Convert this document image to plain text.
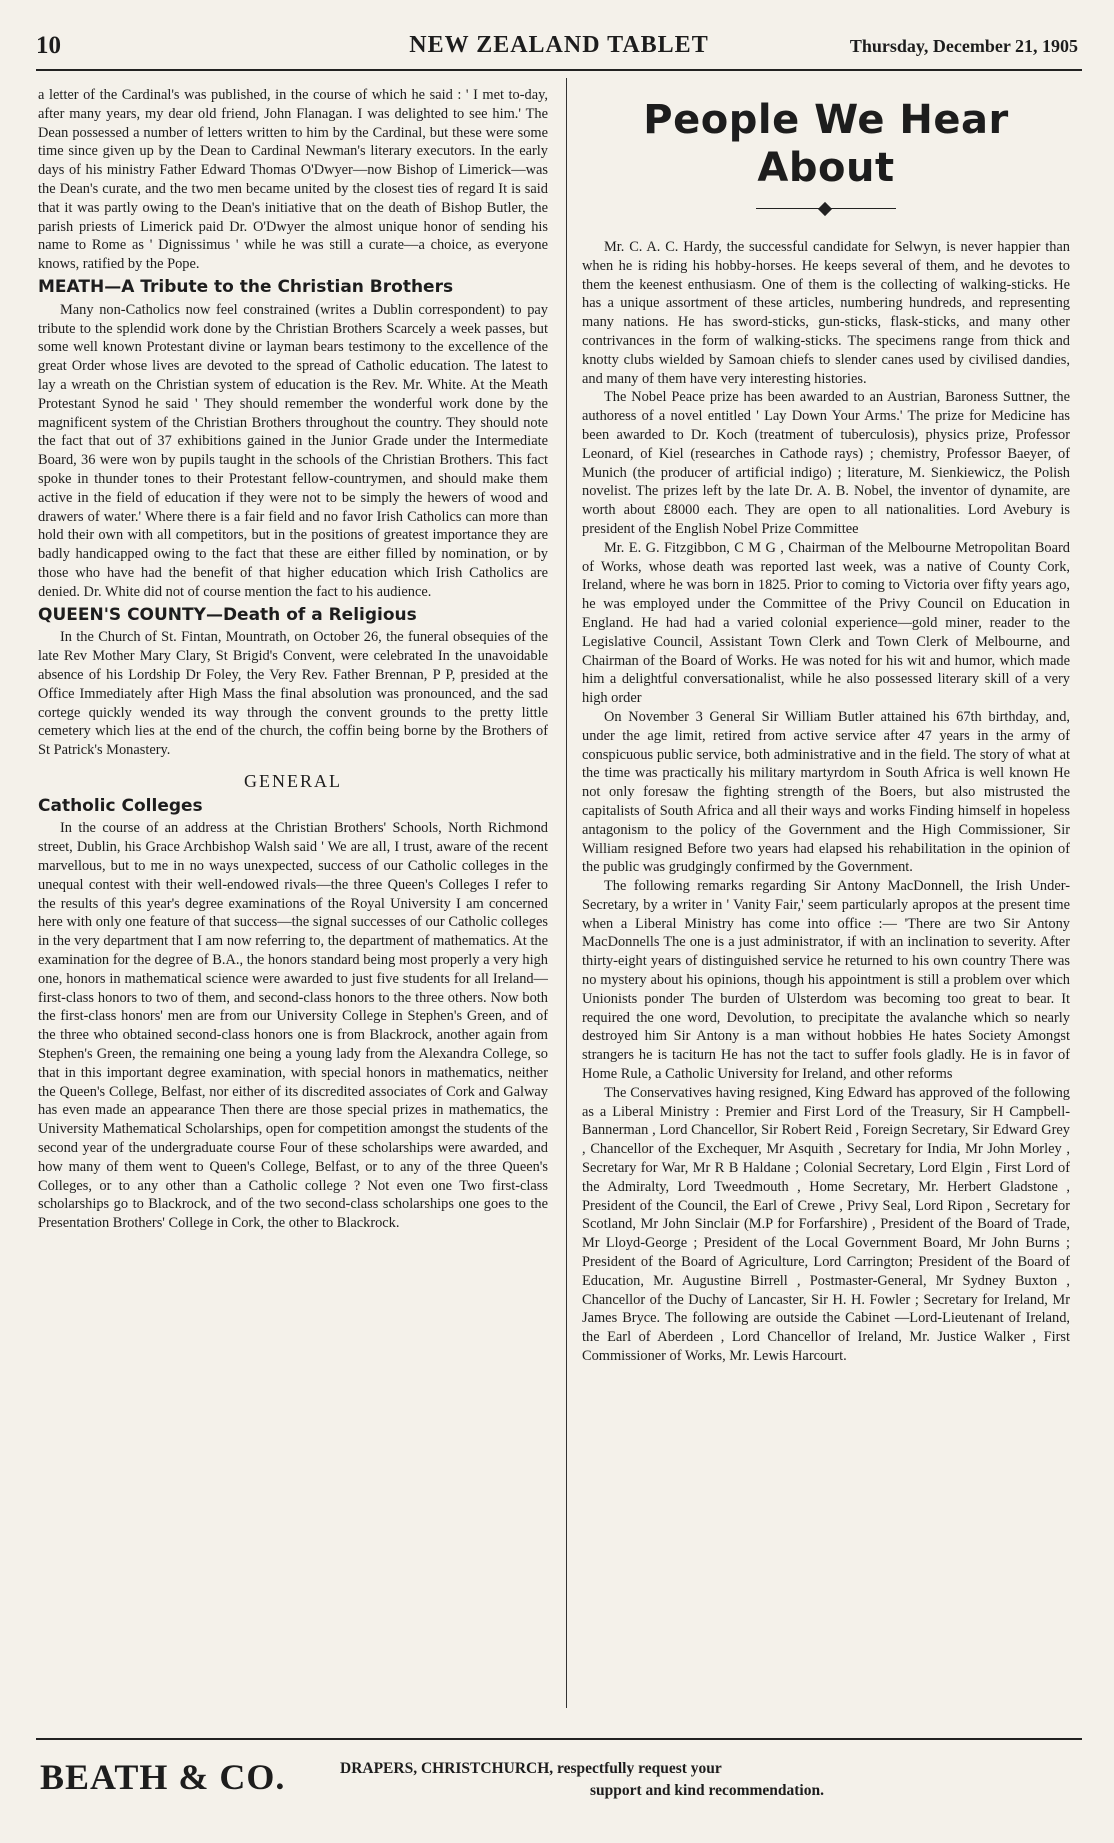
10	NEW ZEALAND TABLET	Thursday, December 21, 1905

a letter of the Cardinal's was published, in the course of which he said : ' I met to-day, after many years, my dear old friend, John Flanagan. I was delighted to see him.' The Dean possessed a number of letters written to him by the Cardinal, but these were some time since given up by the Dean to Cardinal Newman's literary executors. In the early days of his ministry Father Edward Thomas O'Dwyer—now Bishop of Limerick—was the Dean's curate, and the two men became united by the closest ties of regard It is said that it was partly owing to the Dean's initiative that on the death of Bishop Butler, the parish priests of Limerick paid Dr. O'Dwyer the almost unique honor of sending his name to Rome as ' Dignissimus ' while he was still a curate—a choice, as everyone knows, ratified by the Pope.

MEATH—A Tribute to the Christian Brothers

Many non-Catholics now feel constrained (writes a Dublin correspondent) to pay tribute to the splendid work done by the Christian Brothers Scarcely a week passes, but some well known Protestant divine or layman bears testimony to the excellence of the great Order whose lives are devoted to the spread of Catholic education. The latest to lay a wreath on the Christian system of education is the Rev. Mr. White. At the Meath Protestant Synod he said ' They should remember the wonderful work done by the magnificent system of the Christian Brothers throughout the country. They should note the fact that out of 37 exhibitions gained in the Junior Grade under the Intermediate Board, 36 were won by pupils taught in the schools of the Christian Brothers. This fact spoke in thunder tones to their Protestant fellow-countrymen, and should make them active in the field of education if they were not to be simply the hewers of wood and drawers of water.' Where there is a fair field and no favor Irish Catholics can more than hold their own with all competitors, but in the positions of greatest importance they are badly handicapped owing to the fact that these are either filled by nomination, or by those who have had the benefit of that higher education which Irish Catholics are denied. Dr. White did not of course mention the fact to his audience.

QUEEN'S COUNTY—Death of a Religious

In the Church of St. Fintan, Mountrath, on October 26, the funeral obsequies of the late Rev Mother Mary Clary, St Brigid's Convent, were celebrated In the unavoidable absence of his Lordship Dr Foley, the Very Rev. Father Brennan, P P, presided at the Office Immediately after High Mass the final absolution was pronounced, and the sad cortege quickly wended its way through the convent grounds to the pretty little cemetery which lies at the end of the church, the coffin being borne by the Brothers of St Patrick's Monastery.

GENERAL
Catholic Colleges

In the course of an address at the Christian Brothers' Schools, North Richmond street, Dublin, his Grace Archbishop Walsh said ' We are all, I trust, aware of the recent marvellous, but to me in no ways unexpected, success of our Catholic colleges in the unequal contest with their well-endowed rivals—the three Queen's Colleges I refer to the results of this year's degree examinations of the Royal University I am concerned here with only one feature of that success—the signal successes of our Catholic colleges in the very department that I am now referring to, the department of mathematics. At the examination for the degree of B.A., the honors standard being most properly a very high one, honors in mathematical science were awarded to just five students for all Ireland—first-class honors to two of them, and second-class honors to the three others. Now both the first-class honors' men are from our University College in Stephen's Green, and of the three who obtained second-class honors one is from Blackrock, another again from Stephen's Green, the remaining one being a young lady from the Alexandra College, so that in this important degree examination, with special honors in mathematics, neither the Queen's College, Belfast, nor either of its discredited associates of Cork and Galway has even made an appearance Then there are those special prizes in mathematics, the University Mathematical Scholarships, open for competition amongst the students of the second year of the undergraduate course Four of these scholarships were awarded, and how many of them went to Queen's College, Belfast, or to any of the three Queen's Colleges, or to any other than a Catholic college ? Not even one Two first-class scholarships go to Blackrock, and of the two second-class scholarships one goes to the Presentation Brothers' College in Cork, the other to Blackrock.

People We Hear About

Mr. C. A. C. Hardy, the successful candidate for Selwyn, is never happier than when he is riding his hobby-horses. He keeps several of them, and he devotes to them the keenest enthusiasm. One of them is the collecting of walking-sticks. He has a unique assortment of these articles, numbering hundreds, and representing many nations. He has sword-sticks, gun-sticks, flask-sticks, and many other contrivances in the form of walking-sticks. The specimens range from thick and knotty clubs wielded by Samoan chiefs to slender canes used by civilised dandies, and many of them have very interesting histories.

The Nobel Peace prize has been awarded to an Austrian, Baroness Suttner, the authoress of a novel entitled ' Lay Down Your Arms.' The prize for Medicine has been awarded to Dr. Koch (treatment of tuberculosis), physics prize, Professor Leonard, of Kiel (researches in Cathode rays) ; chemistry, Professor Baeyer, of Munich (the producer of artificial indigo) ; literature, M. Sienkiewicz, the Polish novelist. The prizes left by the late Dr. A. B. Nobel, the inventor of dynamite, are worth about £8000 each. They are open to all nationalities. Lord Avebury is president of the English Nobel Prize Committee

Mr. E. G. Fitzgibbon, C M G , Chairman of the Melbourne Metropolitan Board of Works, whose death was reported last week, was a native of County Cork, Ireland, where he was born in 1825. Prior to coming to Victoria over fifty years ago, he was employed under the Committee of the Privy Council on Education in England. He had had a varied colonial experience—gold miner, reader to the Legislative Council, Assistant Town Clerk and Town Clerk of Melbourne, and Chairman of the Board of Works. He was noted for his wit and humor, which made him a delightful conversationalist, while he also possessed literary skill of a very high order

On November 3 General Sir William Butler attained his 67th birthday, and, under the age limit, retired from active service after 47 years in the army of conspicuous public service, both administrative and in the field. The story of what at the time was practically his military martyrdom in South Africa is well known He not only foresaw the fighting strength of the Boers, but also mistrusted the capitalists of South Africa and all their ways and works Finding himself in hopeless antagonism to the policy of the Government and the High Commissioner, Sir William resigned Before two years had elapsed his rehabilitation in the opinion of the public was grudgingly confirmed by the Government.

The following remarks regarding Sir Antony MacDonnell, the Irish Under-Secretary, by a writer in ' Vanity Fair,' seem particularly apropos at the present time when a Liberal Ministry has come into office :— 'There are two Sir Antony MacDonnells The one is a just administrator, if with an inclination to severity. After thirty-eight years of distinguished service he returned to his own country There was no mystery about his opinions, though his appointment is still a problem over which Unionists ponder The burden of Ulsterdom was becoming too great to bear. It required the one word, Devolution, to precipitate the avalanche which so nearly destroyed him Sir Antony is a man without hobbies He hates Society Amongst strangers he is taciturn He has not the tact to suffer fools gladly. He is in favor of Home Rule, a Catholic University for Ireland, and other reforms

The Conservatives having resigned, King Edward has approved of the following as a Liberal Ministry : Premier and First Lord of the Treasury, Sir H Campbell-Bannerman , Lord Chancellor, Sir Robert Reid , Foreign Secretary, Sir Edward Grey , Chancellor of the Exchequer, Mr Asquith , Secretary for India, Mr John Morley , Secretary for War, Mr R B Haldane ; Colonial Secretary, Lord Elgin , First Lord of the Admiralty, Lord Tweedmouth , Home Secretary, Mr. Herbert Gladstone , President of the Council, the Earl of Crewe , Privy Seal, Lord Ripon , Secretary for Scotland, Mr John Sinclair (M.P for Forfarshire) , President of the Board of Trade, Mr Lloyd-George ; President of the Local Government Board, Mr John Burns ; President of the Board of Agriculture, Lord Carrington; President of the Board of Education, Mr. Augustine Birrell , Postmaster-General, Mr Sydney Buxton , Chancellor of the Duchy of Lancaster, Sir H. H. Fowler ; Secretary for Ireland, Mr James Bryce. The following are outside the Cabinet —Lord-Lieutenant of Ireland, the Earl of Aberdeen , Lord Chancellor of Ireland, Mr. Justice Walker , First Commissioner of Works, Mr. Lewis Harcourt.

BEATH & CO.	DRAPERS, CHRISTCHURCH, respectfully request your
support and kind recommendation.
